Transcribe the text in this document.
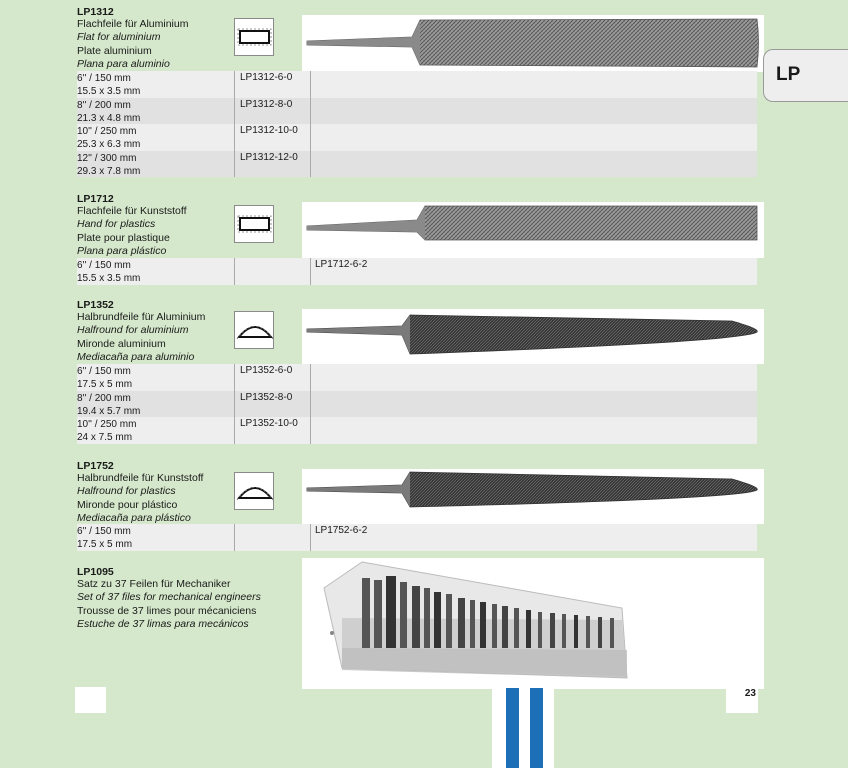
LP1312
Flachfeile für Aluminium
Flat for aluminium
Plate aluminium
Plana para aluminio
6'' / 150 mm
15.5 x 3.5 mm
LP1312-6-0
8'' / 200 mm
21.3 x 4.8 mm
LP1312-8-0
10'' / 250 mm
25.3 x 6.3 mm
LP1312-10-0
12'' / 300 mm
29.3 x 7.8 mm
LP1312-12-0
LP1712
Flachfeile für Kunststoff
Hand for plastics
Plate pour plastique
Plana para plástico
6'' / 150 mm
15.5 x 3.5 mm
LP1712-6-2
LP1352
Halbrundfeile für Aluminium
Halfround for aluminium
Mironde aluminium
Mediacaña para aluminio
6'' / 150 mm
17.5 x 5 mm
LP1352-6-0
8'' / 200 mm
19.4 x 5.7 mm
LP1352-8-0
10'' / 250 mm
24 x 7.5 mm
LP1352-10-0
LP1752
Halbrundfeile für Kunststoff
Halfround for plastics
Mironde pour plástico
Mediacaña para plástico
6'' / 150 mm
17.5 x 5 mm
LP1752-6-2
LP1095
Satz zu 37 Feilen für Mechaniker
Set of 37 files for mechanical engineers
Trousse de 37 limes pour mécaniciens
Estuche de 37 limas para mecánicos
LP
23
